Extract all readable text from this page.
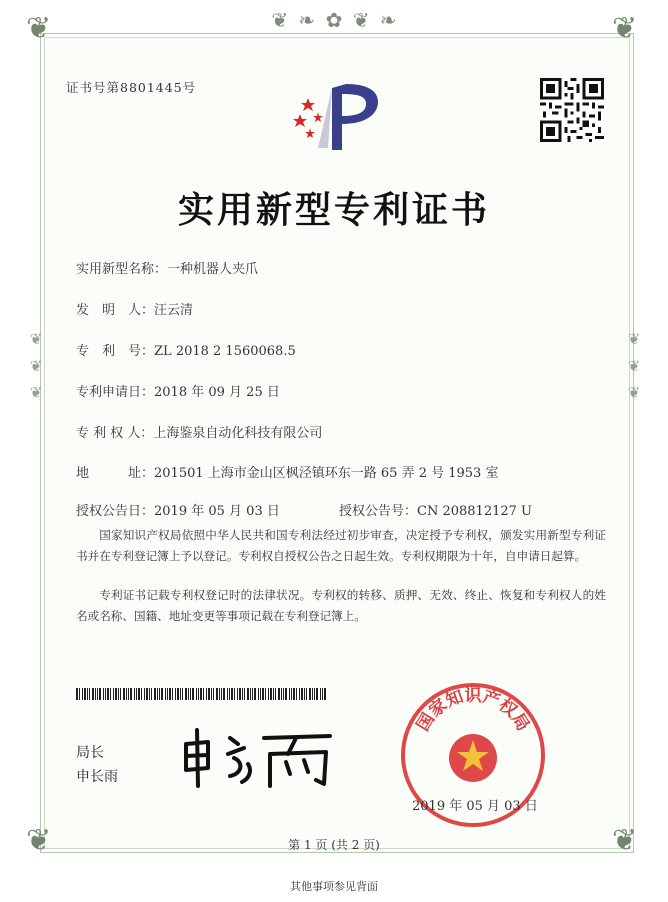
❦ ❧ ✿ ❦ ❧
❦ ❦ ❦	❦ ❦ ❦
❦	❦
❦	❦
证书号第8801445号
实用新型专利证书
实用新型名称：一种机器人夹爪
发　明　人：汪云清
专　利　号：ZL 2018 2 1560068.5
专利申请日：2018 年 09 月 25 日
专 利 权 人：上海鉴泉自动化科技有限公司
地　　　址：201501 上海市金山区枫泾镇环东一路 65 弄 2 号 1953 室
授权公告日：2019 年 05 月 03 日	授权公告号：CN 208812127 U
国家知识产权局依照中华人民共和国专利法经过初步审查，决定授予专利权，颁发实用新型专利证书并在专利登记簿上予以登记。专利权自授权公告之日起生效。专利权期限为十年，自申请日起算。
专利证书记载专利权登记时的法律状况。专利权的转移、质押、无效、终止、恢复和专利权人的姓名或名称、国籍、地址变更等事项记载在专利登记簿上。
局长
申长雨
国家知识产权局
2019 年 05 月 03 日
第 1 页 (共 2 页)
其他事项参见背面
